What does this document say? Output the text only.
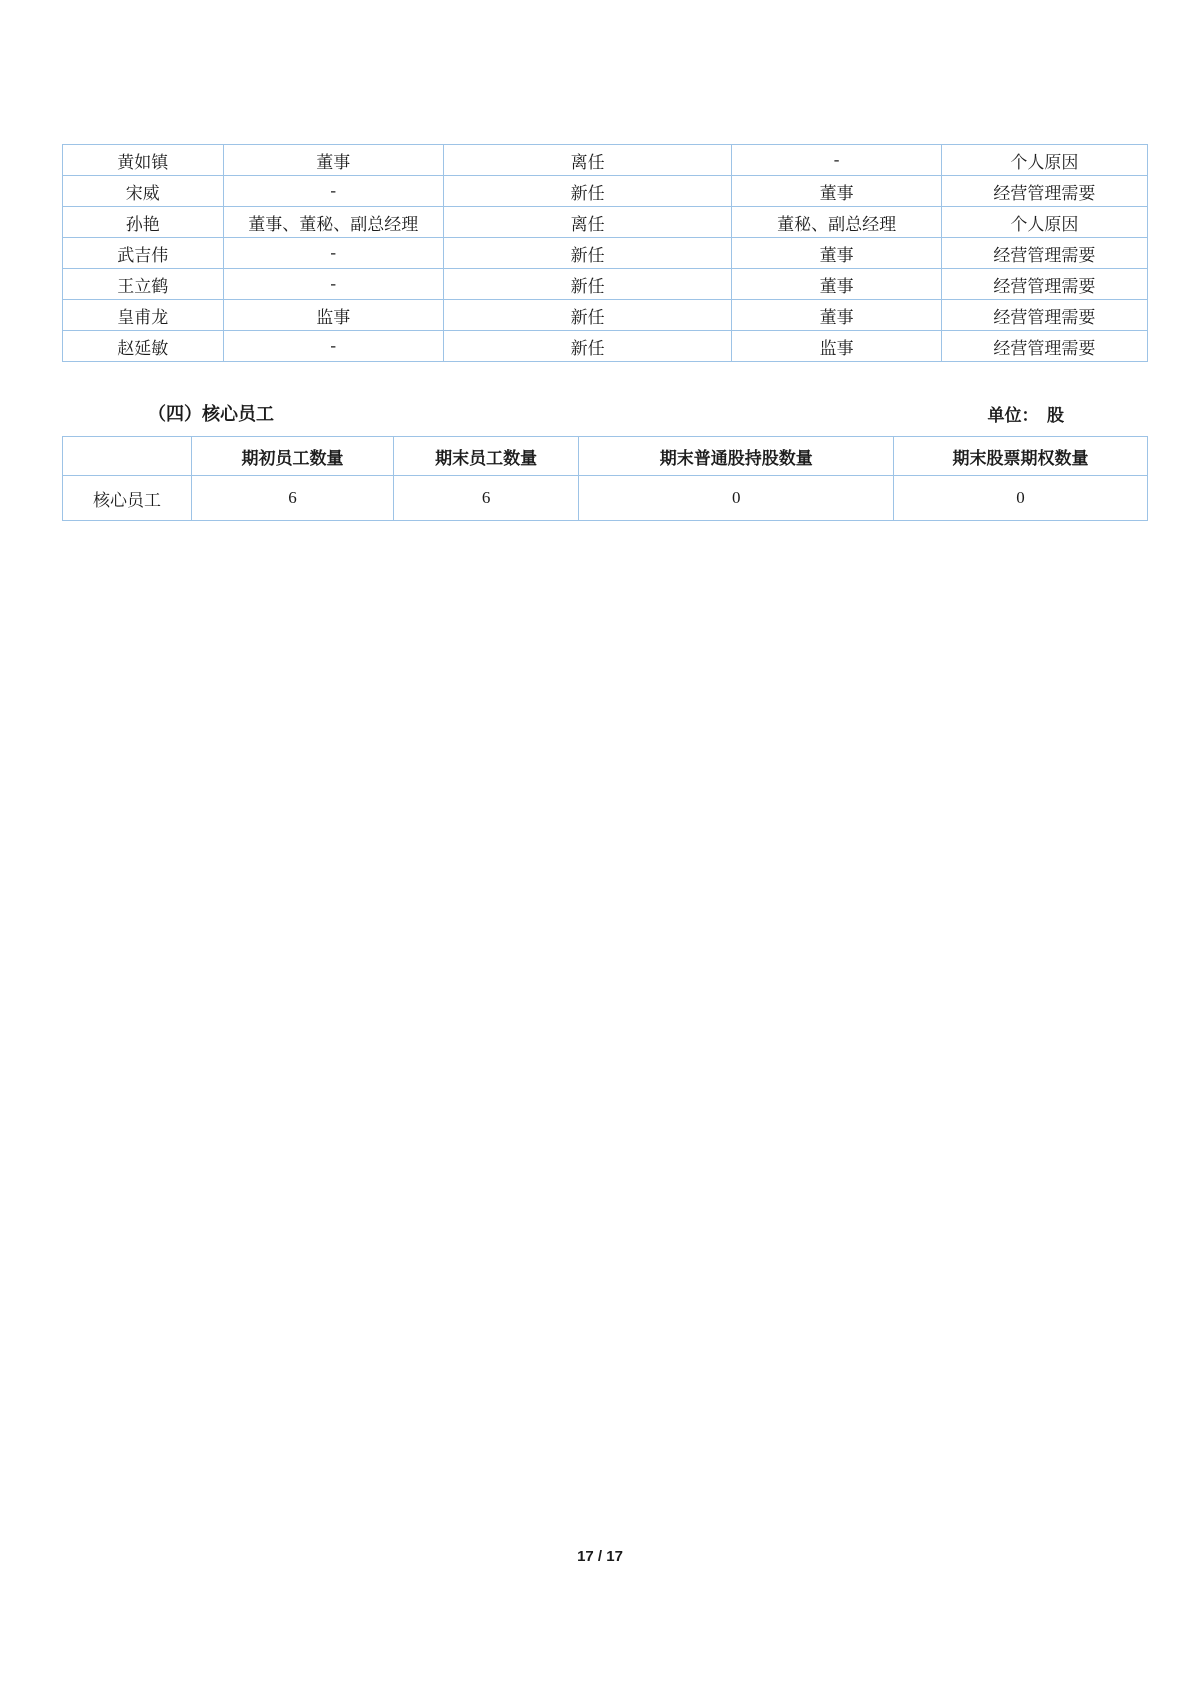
黄如镇	董事	离任	-	个人原因
宋威	-	新任	董事	经营管理需要
孙艳	董事、董秘、副总经理	离任	董秘、副总经理	个人原因
武吉伟	-	新任	董事	经营管理需要
王立鹤	-	新任	董事	经营管理需要
皇甫龙	监事	新任	董事	经营管理需要
赵延敏	-	新任	监事	经营管理需要
（四）核心员工	单位：　股
	期初员工数量	期末员工数量	期末普通股持股数量	期末股票期权数量
核心员工	6	6	0	0
17 / 17
